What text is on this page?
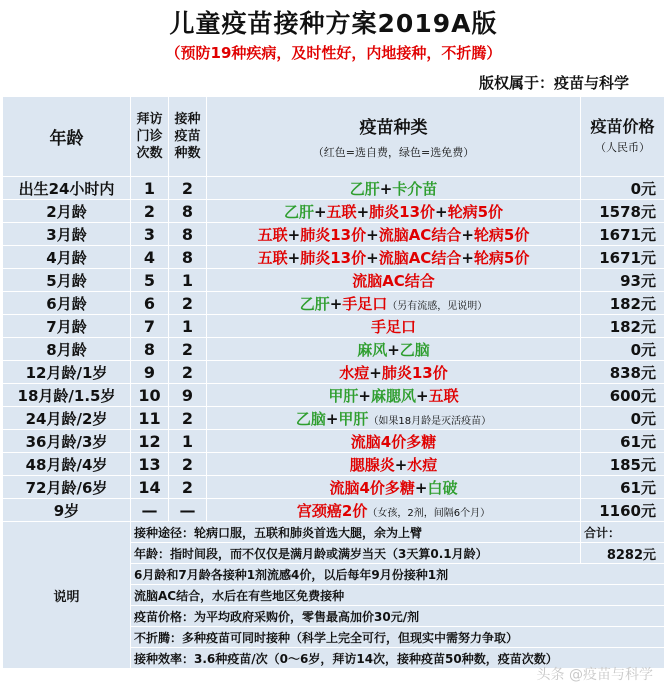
儿童疫苗接种方案2019A版
（预防19种疾病，及时性好，内地接种，不折腾）
版权属于：疫苗与科学
年龄	拜访门诊次数	接种疫苗种数	疫苗种类
（红色=选自费，绿色=选免费）	疫苗价格
（人民币）
出生24小时内	1	2	乙肝+卡介苗	0元
2月龄	2	8	乙肝+五联+肺炎13价+轮病5价	1578元
3月龄	3	8	五联+肺炎13价+流脑AC结合+轮病5价	1671元
4月龄	4	8	五联+肺炎13价+流脑AC结合+轮病5价	1671元
5月龄	5	1	流脑AC结合	93元
6月龄	6	2	乙肝+手足口（另有流感，见说明）	182元
7月龄	7	1	手足口	182元
8月龄	8	2	麻风+乙脑	0元
12月龄/1岁	9	2	水痘+肺炎13价	838元
18月龄/1.5岁	10	9	甲肝+麻腮风+五联	600元
24月龄/2岁	11	2	乙脑+甲肝（如果18月龄是灭活疫苗）	0元
36月龄/3岁	12	1	流脑4价多糖	61元
48月龄/4岁	13	2	腮腺炎+水痘	185元
72月龄/6岁	14	2	流脑4价多糖+白破	61元
9岁	—	—	宫颈癌2价（女孩，2剂，间隔6个月）	1160元
说明	接种途径：轮病口服，五联和肺炎首选大腿，余为上臂			合计：
	年龄：指时间段，而不仅仅是满月龄或满岁当天（3天算0.1月龄）			8282元
	6月龄和7月龄各接种1剂流感4价，以后每年9月份接种1剂			
	流脑AC结合，水后在有些地区免费接种			
	疫苗价格：为平均政府采购价，零售最高加价30元/剂			
	不折腾：多种疫苗可同时接种（科学上完全可行，但现实中需努力争取）			
	接种效率：3.6种疫苗/次（0～6岁，拜访14次，接种疫苗50种数，疫苗次数）			
头条 @疫苗与科学
